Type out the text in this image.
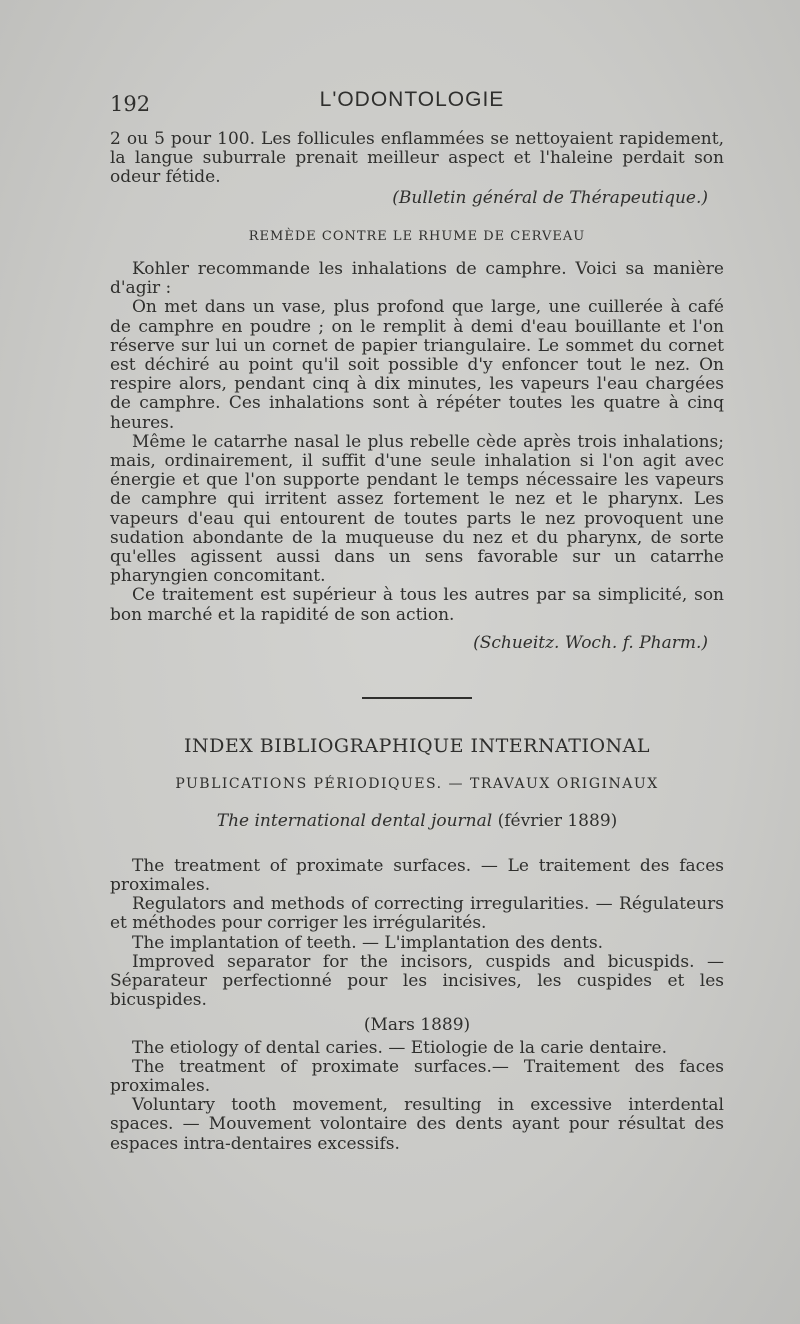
192	L'ODONTOLOGIE

2 ou 5 pour 100. Les follicules enflammées se nettoyaient rapidement, la langue suburrale prenait meilleur aspect et l'haleine perdait son odeur fétide.

(Bulletin général de Thérapeutique.)

REMÈDE CONTRE LE RHUME DE CERVEAU

Kohler recommande les inhalations de camphre. Voici sa manière d'agir :

On met dans un vase, plus profond que large, une cuillerée à café de camphre en poudre ; on le remplit à demi d'eau bouillante et l'on réserve sur lui un cornet de papier triangulaire. Le sommet du cornet est déchiré au point qu'il soit possible d'y enfoncer tout le nez. On respire alors, pendant cinq à dix minutes, les vapeurs l'eau chargées de camphre. Ces inhalations sont à répéter toutes les quatre à cinq heures.

Même le catarrhe nasal le plus rebelle cède après trois inhalations; mais, ordinairement, il suffit d'une seule inhalation si l'on agit avec énergie et que l'on supporte pendant le temps nécessaire les vapeurs de camphre qui irritent assez fortement le nez et le pharynx. Les vapeurs d'eau qui entourent de toutes parts le nez provoquent une sudation abondante de la muqueuse du nez et du pharynx, de sorte qu'elles agissent aussi dans un sens favorable sur un catarrhe pharyngien concomitant.

Ce traitement est supérieur à tous les autres par sa simplicité, son bon marché et la rapidité de son action.

(Schueitz. Woch. f. Pharm.)

INDEX BIBLIOGRAPHIQUE INTERNATIONAL
PUBLICATIONS PÉRIODIQUES. — TRAVAUX ORIGINAUX
The international dental journal (février 1889)

The treatment of proximate surfaces. — Le traitement des faces proximales.

Regulators and methods of correcting irregularities. — Régulateurs et méthodes pour corriger les irrégularités.

The implantation of teeth. — L'implantation des dents.

Improved separator for the incisors, cuspids and bicuspids. — Séparateur perfectionné pour les incisives, les cuspides et les bicuspides.

(Mars 1889)

The etiology of dental caries. — Etiologie de la carie dentaire.

The treatment of proximate surfaces.— Traitement des faces proximales.

Voluntary tooth movement, resulting in excessive interdental spaces. — Mouvement volontaire des dents ayant pour résultat des espaces intra-dentaires excessifs.
